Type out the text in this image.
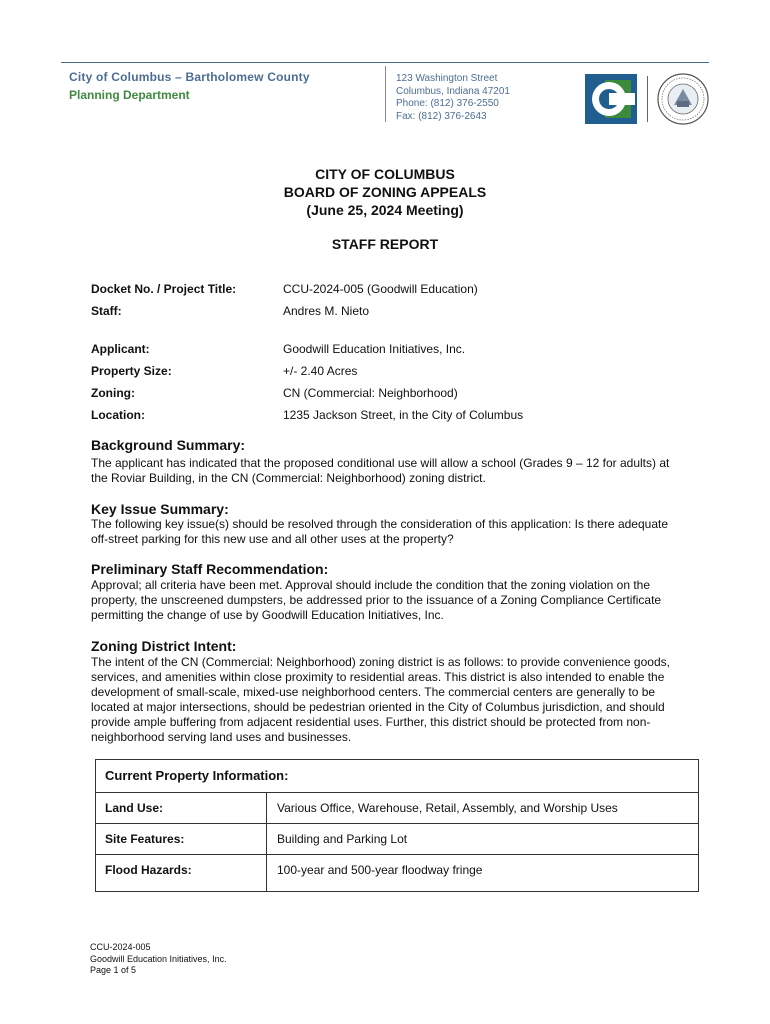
City of Columbus – Bartholomew County
Planning Department
123 Washington Street
Columbus, Indiana 47201
Phone: (812) 376-2550
Fax: (812) 376-2643
CITY OF COLUMBUS
BOARD OF ZONING APPEALS
(June 25, 2024 Meeting)
STAFF REPORT
Docket No. / Project Title:	CCU-2024-005 (Goodwill Education)
Staff:	Andres M. Nieto
Applicant:	Goodwill Education Initiatives, Inc.
Property Size:	+/- 2.40 Acres
Zoning:	CN (Commercial: Neighborhood)
Location:	1235 Jackson Street, in the City of Columbus
Background Summary:
The applicant has indicated that the proposed conditional use will allow a school (Grades 9 – 12 for adults) at
the Roviar Building, in the CN (Commercial: Neighborhood) zoning district.
Key Issue Summary:
The following key issue(s) should be resolved through the consideration of this application: Is there adequate
off-street parking for this new use and all other uses at the property?
Preliminary Staff Recommendation:
Approval; all criteria have been met. Approval should include the condition that the zoning violation on the
property, the unscreened dumpsters, be addressed prior to the issuance of a Zoning Compliance Certificate
permitting the change of use by Goodwill Education Initiatives, Inc.
Zoning District Intent:
The intent of the CN (Commercial: Neighborhood) zoning district is as follows: to provide convenience goods,
services, and amenities within close proximity to residential areas. This district is also intended to enable the
development of small-scale, mixed-use neighborhood centers. The commercial centers are generally to be
located at major intersections, should be pedestrian oriented in the City of Columbus jurisdiction, and should
provide ample buffering from adjacent residential uses. Further, this district should be protected from non-
neighborhood serving land uses and businesses.
Current Property Information:
Land Use:	Various Office, Warehouse, Retail, Assembly, and Worship Uses
Site Features:	Building and Parking Lot
Flood Hazards:	100-year and 500-year floodway fringe
CCU-2024-005
Goodwill Education Initiatives, Inc.
Page 1 of 5
